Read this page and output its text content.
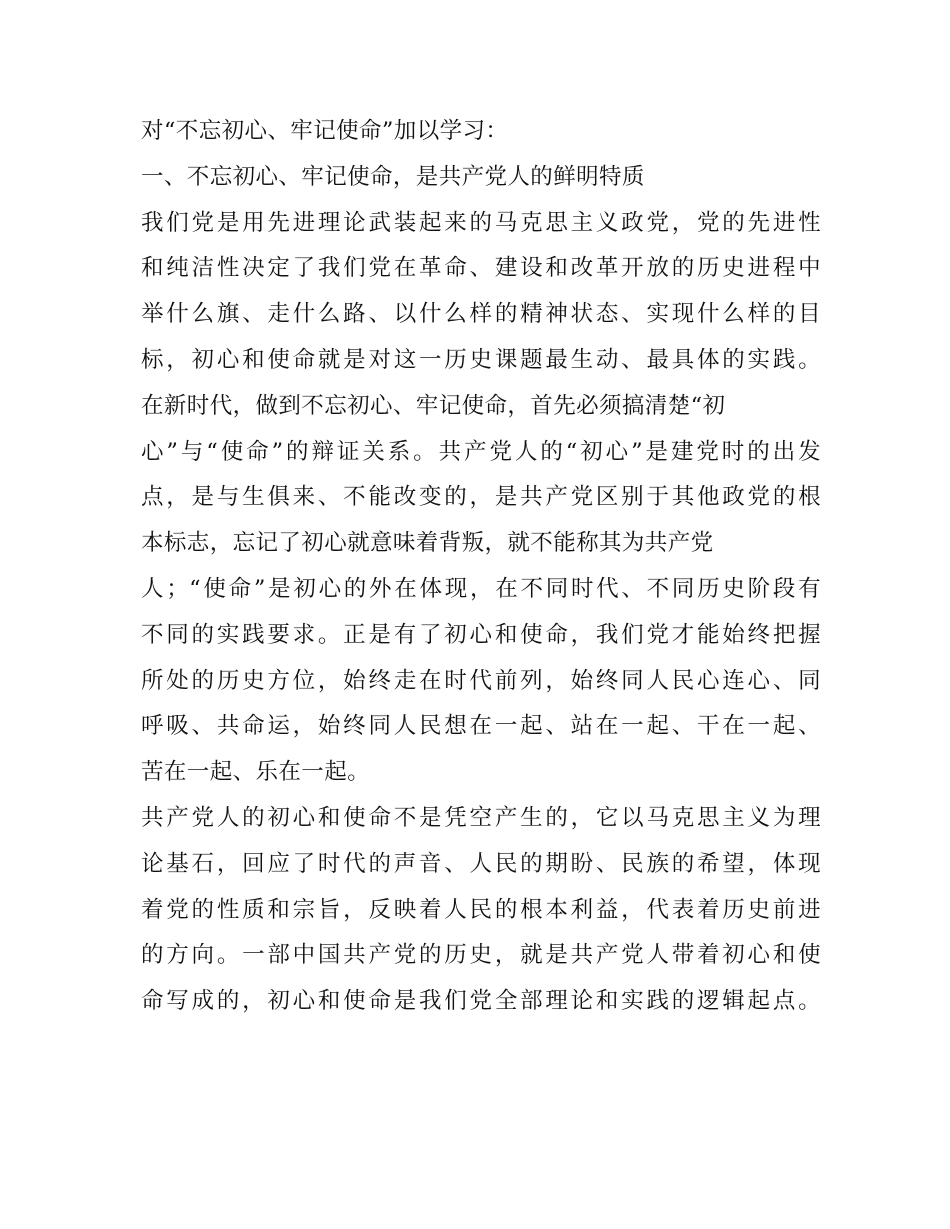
对“不忘初心、牢记使命”加以学习：
一、不忘初心、牢记使命，是共产党人的鲜明特质
我们党是用先进理论武装起来的马克思主义政党，党的先进性
和纯洁性决定了我们党在革命、建设和改革开放的历史进程中
举什么旗、走什么路、以什么样的精神状态、实现什么样的目
标，初心和使命就是对这一历史课题最生动、最具体的实践。
在新时代，做到不忘初心、牢记使命，首先必须搞清楚“初
心”与“使命”的辩证关系。共产党人的“初心”是建党时的出发
点，是与生俱来、不能改变的，是共产党区别于其他政党的根
本标志，忘记了初心就意味着背叛，就不能称其为共产党
人；“使命”是初心的外在体现，在不同时代、不同历史阶段有
不同的实践要求。正是有了初心和使命，我们党才能始终把握
所处的历史方位，始终走在时代前列，始终同人民心连心、同
呼吸、共命运，始终同人民想在一起、站在一起、干在一起、
苦在一起、乐在一起。
共产党人的初心和使命不是凭空产生的，它以马克思主义为理
论基石，回应了时代的声音、人民的期盼、民族的希望，体现
着党的性质和宗旨，反映着人民的根本利益，代表着历史前进
的方向。一部中国共产党的历史，就是共产党人带着初心和使
命写成的，初心和使命是我们党全部理论和实践的逻辑起点。
